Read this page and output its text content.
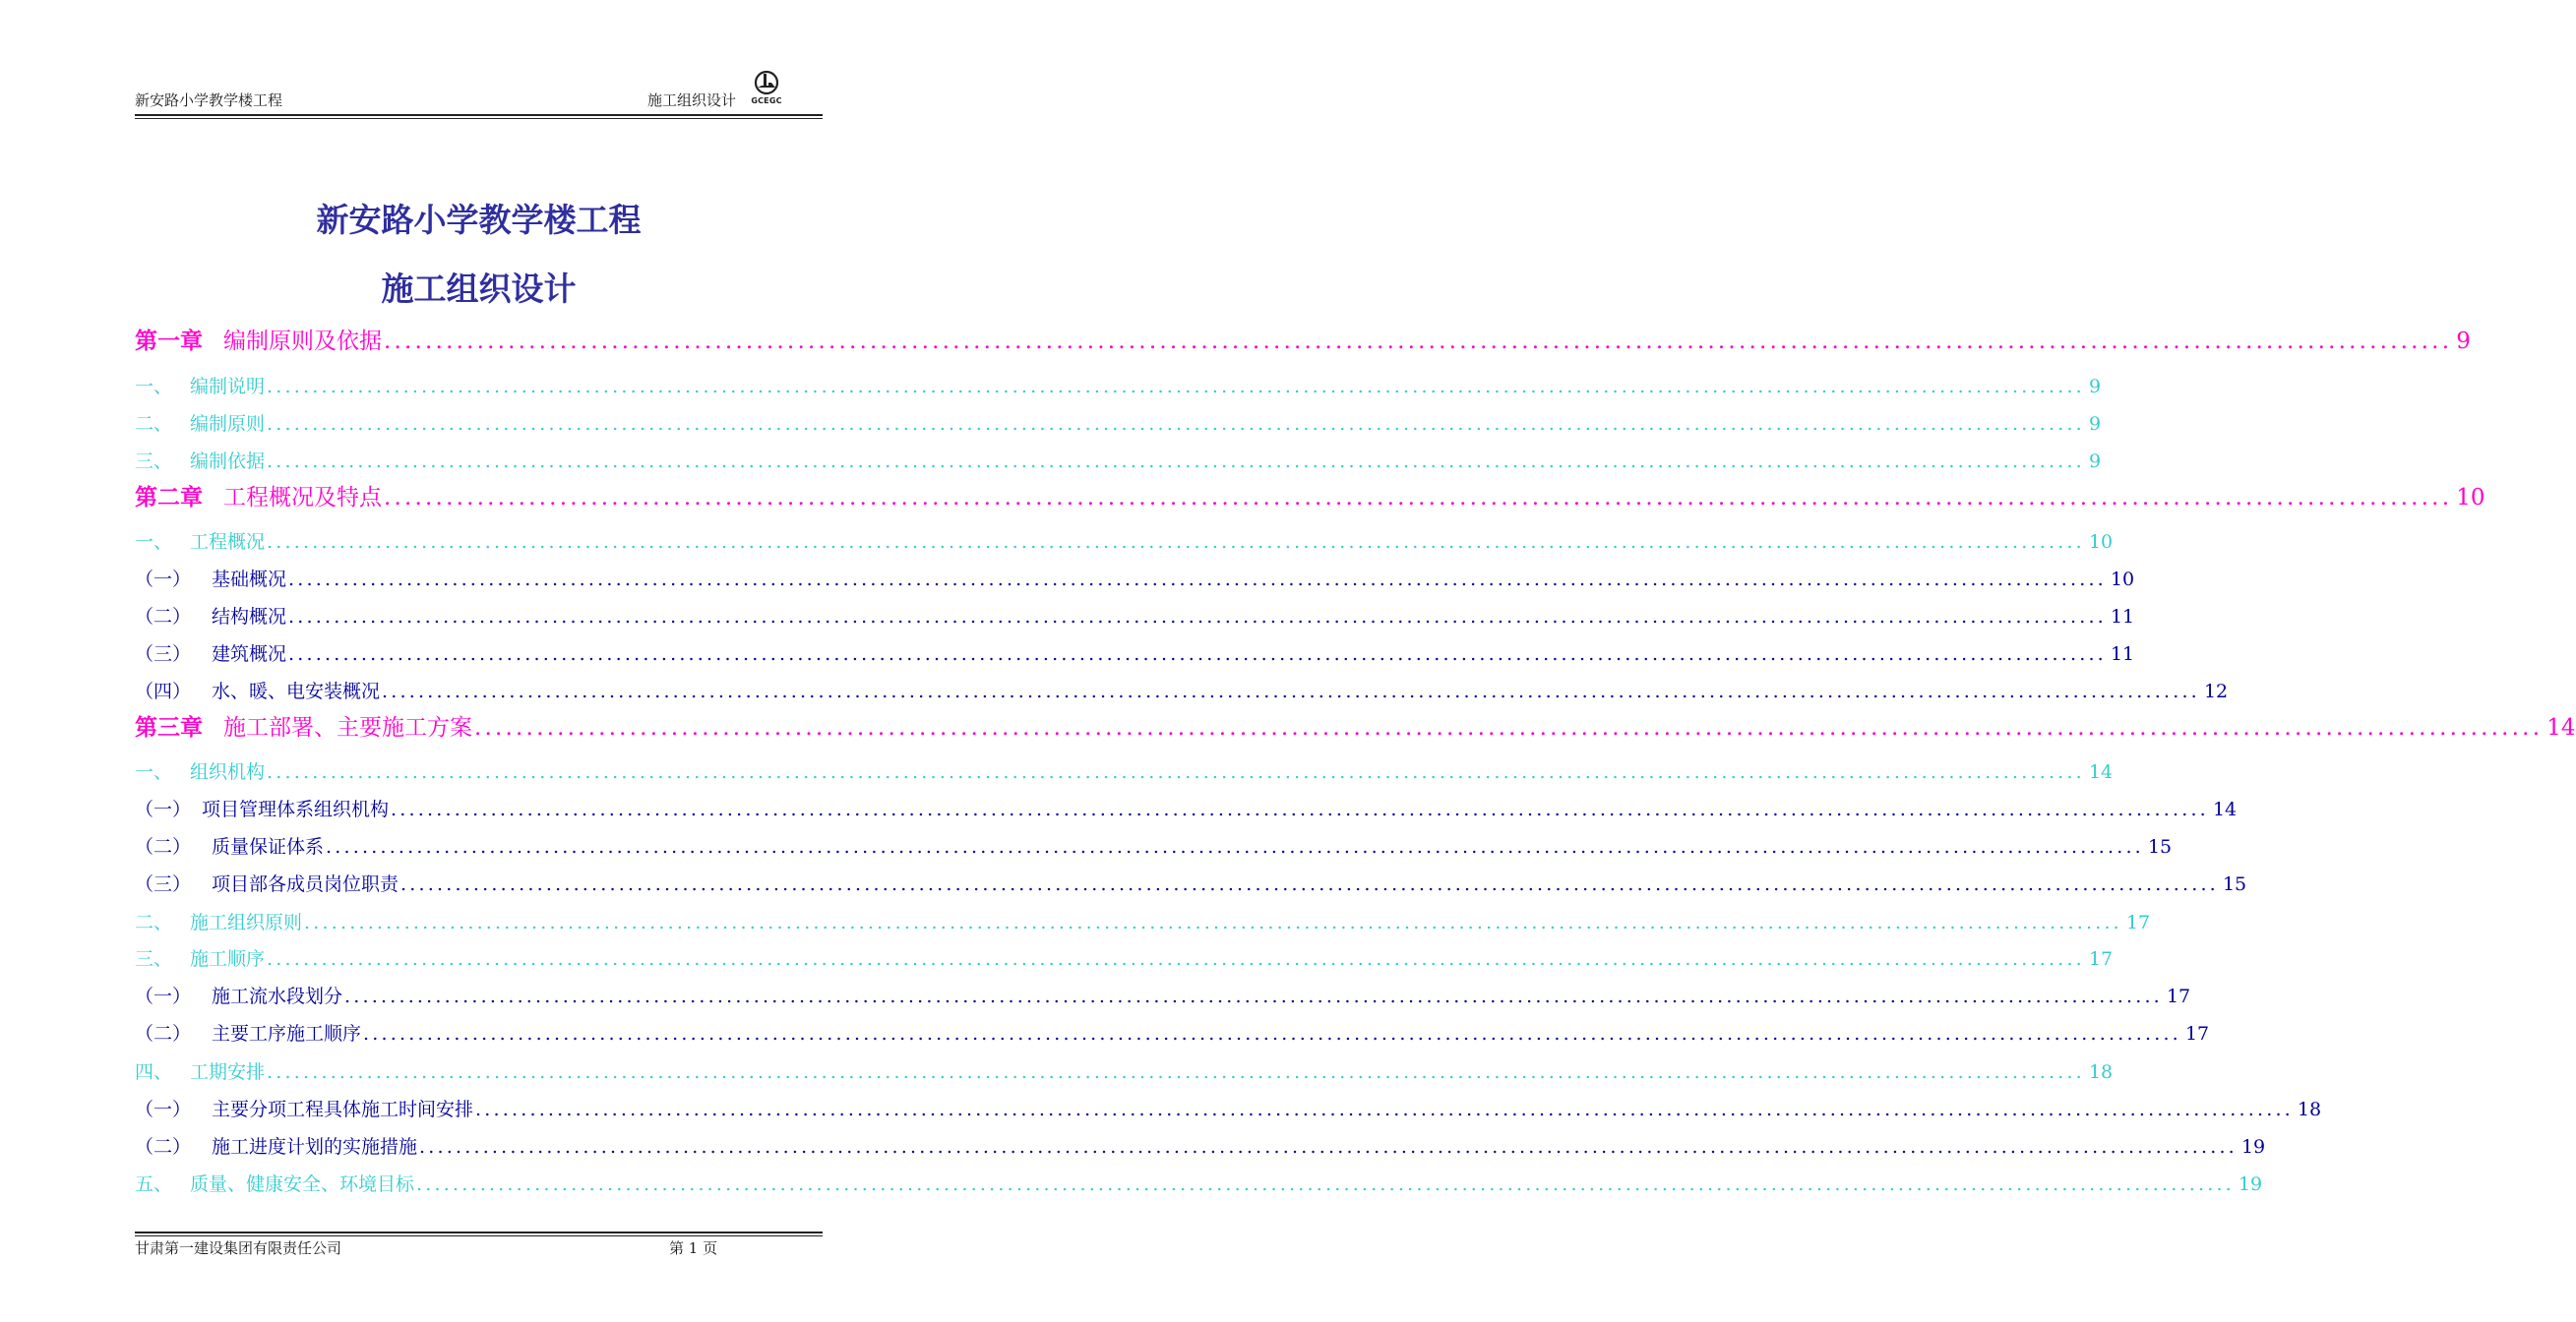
新安路小学教学楼工程	施工组织设计	GCEGC
新安路小学教学楼工程
施工组织设计
第一章 编制原则及依据 ........................................................................................................................................................................................................ 9
一、 编制说明 ........................................................................................................................................................................................................ 9
二、 编制原则 ........................................................................................................................................................................................................ 9
三、 编制依据 ........................................................................................................................................................................................................ 9
第二章 工程概况及特点 ........................................................................................................................................................................................................ 10
一、 工程概况 ........................................................................................................................................................................................................ 10
（一）	基础概况 ........................................................................................................................................................................................................ 10
（二）	结构概况 ........................................................................................................................................................................................................ 11
（三）	建筑概况 ........................................................................................................................................................................................................ 11
（四）	水、暖、电安装概况 ........................................................................................................................................................................................................ 12
第三章 施工部署、主要施工方案 ........................................................................................................................................................................................................ 14
一、 组织机构 ........................................................................................................................................................................................................ 14
（一） 项目管理体系组织机构 ........................................................................................................................................................................................................ 14
（二）	质量保证体系 ........................................................................................................................................................................................................ 15
（三）	项目部各成员岗位职责 ........................................................................................................................................................................................................ 15
二、 施工组织原则 ........................................................................................................................................................................................................ 17
三、 施工顺序 ........................................................................................................................................................................................................ 17
（一）	施工流水段划分 ........................................................................................................................................................................................................ 17
（二）	主要工序施工顺序 ........................................................................................................................................................................................................ 17
四、 工期安排 ........................................................................................................................................................................................................ 18
（一）	主要分项工程具体施工时间安排 ........................................................................................................................................................................................................ 18
（二）	施工进度计划的实施措施 ........................................................................................................................................................................................................ 19
五、 质量、健康安全、环境目标 ........................................................................................................................................................................................................ 19
甘肃第一建设集团有限责任公司	第 1 页
